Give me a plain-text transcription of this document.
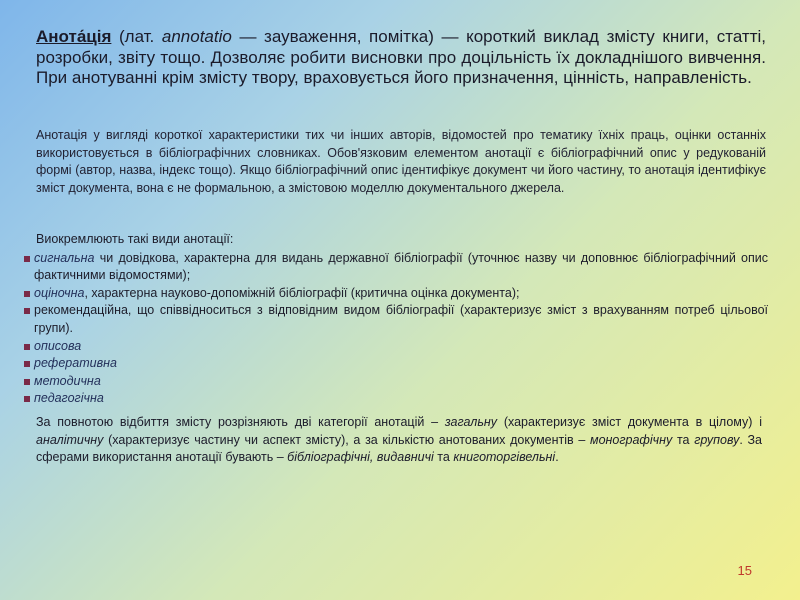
Анота́ція (лат. annotatio — зауваження, помітка) — короткий виклад змісту книги, статті, розробки, звіту тощо. Дозволяє робити висновки про доцільність їх докладнішого вивчення. При анотуванні крім змісту твору, враховується його призначення, цінність, направленість.

Анотація у вигляді короткої характеристики тих чи інших авторів, відомостей про тематику їхніх праць, оцінки останніх використовується в бібліографічних словниках. Обов'язковим елементом анотації є бібліографічний опис у редукованій формі (автор, назва, індекс тощо). Якщо бібліографічний опис ідентифікує документ чи його частину, то анотація ідентифікує зміст документа, вона є не формальною, а змістовою моделлю документального джерела.

Виокремлюють такі види анотації:

сигнальна чи довідкова, характерна для видань державної бібліографії (уточнює назву чи доповнює бібліографічний опис фактичними відомостями);
оціночна, характерна науково-допоміжній бібліографії (критична оцінка документа);
рекомендаційна, що співвідноситься з відповідним видом бібліографії (характеризує зміст з врахуванням потреб цільової групи).
описова
реферативна
методична
педагогічна

За повнотою відбиття змісту розрізняють дві категорії анотацій – загальну (характеризує зміст документа в цілому) і аналітичну (характеризує частину чи аспект змісту), а за кількістю анотованих документів – монографічну та групову. За сферами використання анотації бувають – бібліографічні, видавничі та книготоргівельні.

15
